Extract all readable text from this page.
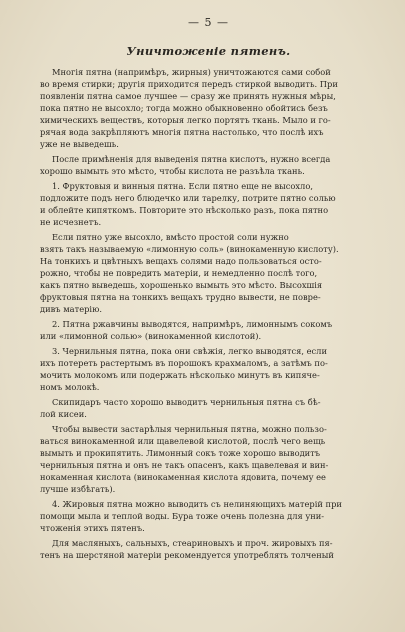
— 5 —
Уничтоженіе пятенъ.
Многія пятна (напримѣръ, жирныя) уничтожаются сами собой
во время стирки; другія приходится передъ стиркой выводить. При
появленіи пятна самое лучшее — сразу же принять нужныя мѣры,
пока пятно не высохло; тогда можно обыкновенно обойтись безъ
химическихъ веществъ, которыя легко портятъ ткань. Мыло и го-
рячая вода закрѣпляютъ многія пятна настолько, что послѣ ихъ
уже не выведешь.
После примѣненія для выведенія пятна кислотъ, нужно всегда
хорошо вымыть это мѣсто, чтобы кислота не разъѣла ткань.
1. Фруктовыя и винныя пятна. Если пятно еще не высохло,
подложите подъ него блюдечко или тарелку, потрите пятно солью
и облейте кипяткомъ. Повторите это нѣсколько разъ, пока пятно
не исчезнетъ.
Если пятно уже высохло, вмѣсто простой соли нужно
взять такъ называемую «лимонную соль» (винокаменную кислоту).
На тонкихъ и цвѣтныхъ вещахъ солями надо пользоваться осто-
рожно, чтобы не повредить матеріи, и немедленно послѣ того,
какъ пятно выведешь, хорошенько вымыть это мѣсто. Высохшія
фруктовыя пятна на тонкихъ вещахъ трудно вывести, не повре-
дивъ матерію.
2. Пятна ржавчины выводятся, напримѣръ, лимоннымъ сокомъ
или «лимонной солью» (винокаменной кислотой).
3. Чернильныя пятна, пока они свѣжія, легко выводятся, если
ихъ потереть растертымъ въ порошокъ крахмаломъ, а затѣмъ по-
мочить молокомъ или подержать нѣсколько минутъ въ кипяче-
номъ молокѣ.
Скипидаръ часто хорошо выводитъ чернильныя пятна съ бѣ-
лой кисеи.
Чтобы вывести застарѣлыя чернильныя пятна, можно пользо-
ваться винокаменной или щавелевой кислотой, послѣ чего вещь
вымыть и прокипятить. Лимонный сокъ тоже хорошо выводитъ
чернильныя пятна и онъ не такъ опасенъ, какъ щавелевая и вин-
нокаменная кислота (винокаменная кислота ядовита, почему ее
лучше избѣгать).
4. Жировыя пятна можно выводить съ нелиняющихъ матерій при
помощи мыла и теплой воды. Бура тоже очень полезна для уни-
чтоженія этихъ пятенъ.
Для масляныхъ, сальныхъ, стеариновыхъ и проч. жировыхъ пя-
тенъ на шерстяной матеріи рекомендуется употреблять толченый
